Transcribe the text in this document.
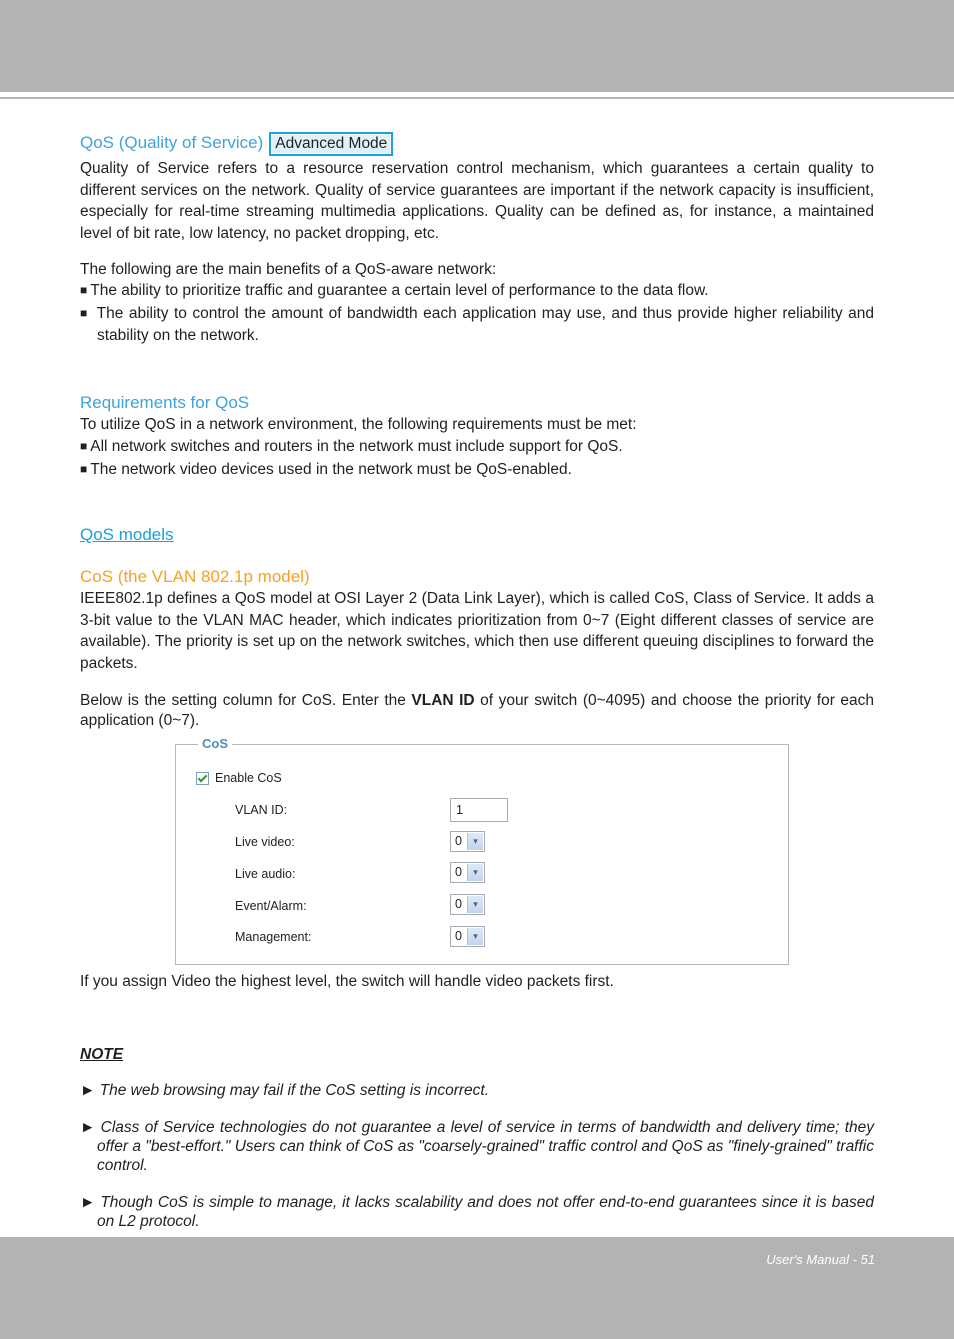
QoS (Quality of Service) Advanced Mode

Quality of Service refers to a resource reservation control mechanism, which guarantees a certain quality to different services on the network. Quality of service guarantees are important if the network capacity is insufficient, especially for real-time streaming multimedia applications. Quality can be defined as, for instance, a maintained level of bit rate, low latency, no packet dropping, etc.

The following are the main benefits of a QoS-aware network:

■ The ability to prioritize traffic and guarantee a certain level of performance to the data flow.
■ The ability to control the amount of bandwidth each application may use, and thus provide higher reliability and stability on the network.
Requirements for QoS

To utilize QoS in a network environment, the following requirements must be met:

■ All network switches and routers in the network must include support for QoS.
■ The network video devices used in the network must be QoS-enabled.
QoS models
CoS (the VLAN 802.1p model)

IEEE802.1p defines a QoS model at OSI Layer 2 (Data Link Layer), which is called CoS, Class of Service. It adds a 3-bit value to the VLAN MAC header, which indicates prioritization from 0~7 (Eight different classes of service are available). The priority is set up on the network switches, which then use different queuing disciplines to forward the packets.

Below is the setting column for CoS. Enter the VLAN ID of your switch (0~4095) and choose the priority for each application (0~7).

CoS
Enable CoS
VLAN ID:	1
Live video:	0	▾
Live audio:	0	▾
Event/Alarm:	0	▾
Management:	0	▾

If you assign Video the highest level, the switch will handle video packets first.

NOTE
► The web browsing may fail if the CoS setting is incorrect.
► Class of Service technologies do not guarantee a level of service in terms of bandwidth and delivery time; they offer a "best-effort." Users can think of CoS as "coarsely-grained" traffic control and QoS as "finely-grained" traffic control.
► Though CoS is simple to manage, it lacks scalability and does not offer end-to-end guarantees since it is based on L2 protocol.
User's Manual - 51
